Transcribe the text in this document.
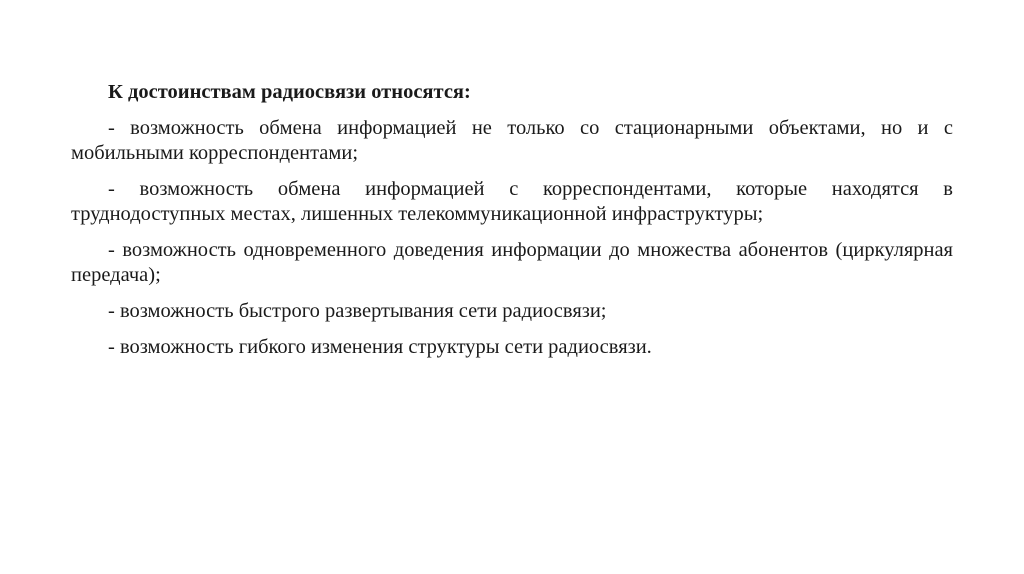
К достоинствам радиосвязи относятся:

- возможность обмена информацией не только со стационарными объектами, но и с мобильными корреспондентами;

- возможность обмена информацией с корреспондентами, которые находятся в труднодоступных местах, лишенных телекоммуникационной инфраструктуры;

- возможность одновременного доведения информации до множества абонентов (циркулярная передача);

- возможность быстрого развертывания сети радиосвязи;

- возможность гибкого изменения структуры сети радиосвязи.
